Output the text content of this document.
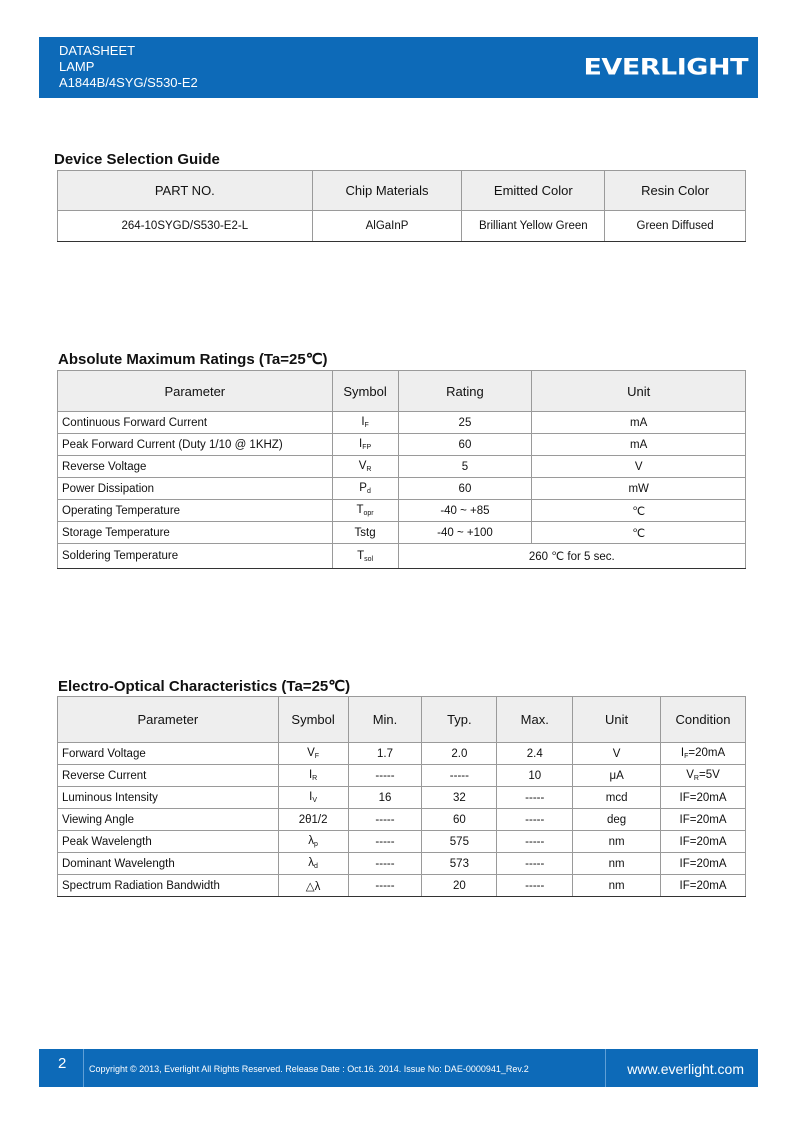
DATASHEET
LAMP
A1844B/4SYG/S530-E2
EVERLIGHT
Device Selection Guide
PART NO.	Chip Materials	Emitted Color	Resin Color
264-10SYGD/S530-E2-L	AlGaInP	Brilliant Yellow Green	Green Diffused
Absolute Maximum Ratings (Ta=25℃)
Parameter	Symbol	Rating	Unit
Continuous Forward Current	$I_F$	25	mA
Peak Forward Current (Duty 1/10 @ 1KHZ)	$I_{FP}$	60	mA
Reverse Voltage	$V_R$	5	V
Power Dissipation	$P_d$	60	mW
Operating Temperature	$T_{opr}$	-40 ~ +85	℃
Storage Temperature	Tstg	-40 ~ +100	℃
Soldering Temperature	$T_{sol}$	260 ℃ for 5 sec.	
Electro-Optical Characteristics (Ta=25℃)
Parameter	Symbol	Min.	Typ.	Max.	Unit	Condition
Forward Voltage	$V_F$	1.7	2.0	2.4	V	$I_F=20mA$
Reverse Current	$I_R$	-----	-----	10	μA	$V_R=5V$
Luminous Intensity	$I_V$	16	32	-----	mcd	IF=20mA
Viewing Angle	2θ1/2	-----	60	-----	deg	IF=20mA
Peak Wavelength	$\lambda_p$	-----	575	-----	nm	IF=20mA
Dominant Wavelength	$\lambda_d$	-----	573	-----	nm	IF=20mA
Spectrum Radiation Bandwidth	△λ	-----	20	-----	nm	IF=20mA
2	Copyright © 2013, Everlight All Rights Reserved. Release Date : Oct.16. 2014. Issue No: DAE-0000941_Rev.2	www.everlight.com
